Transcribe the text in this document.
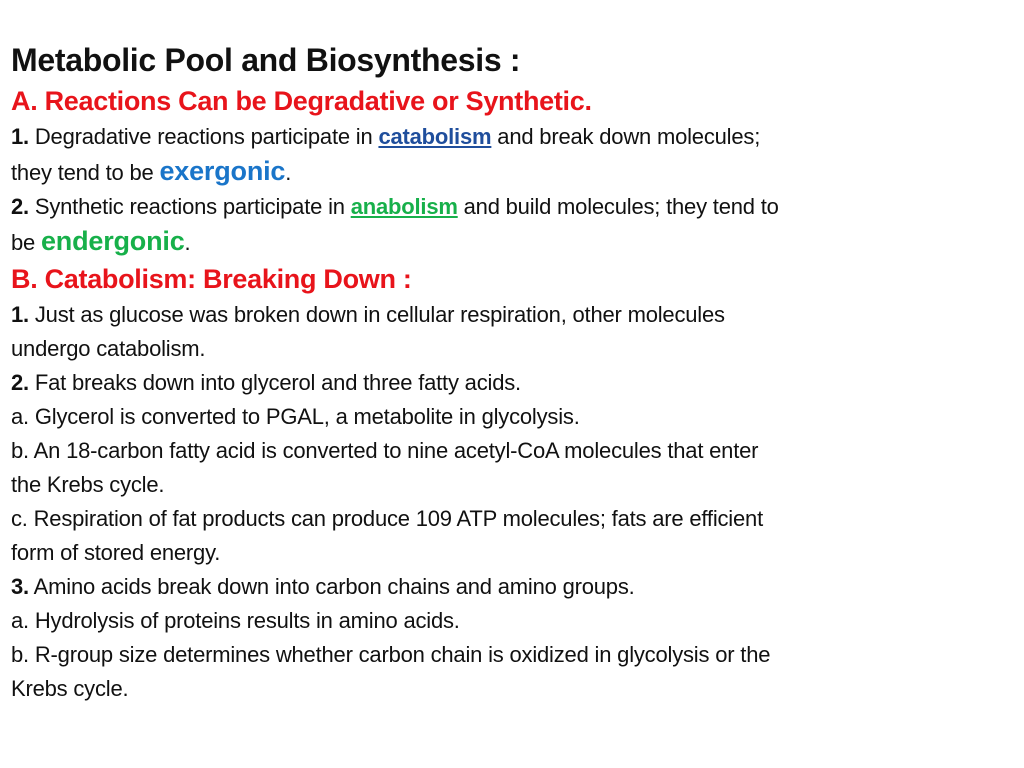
Metabolic Pool and Biosynthesis :

A. Reactions Can be Degradative or Synthetic.

1. Degradative reactions participate in catabolism and break down molecules;

they tend to be exergonic.

2. Synthetic reactions participate in anabolism and build molecules; they tend to

be endergonic.

B. Catabolism: Breaking Down :

1. Just as glucose was broken down in cellular respiration, other molecules

undergo catabolism.

2. Fat breaks down into glycerol and three fatty acids.

a. Glycerol is converted to PGAL, a metabolite in glycolysis.

b. An 18-carbon fatty acid is converted to nine acetyl-CoA molecules that enter

the Krebs cycle.

c. Respiration of fat products can produce 109 ATP molecules; fats are efficient

form of stored energy.

3. Amino acids break down into carbon chains and amino groups.

a. Hydrolysis of proteins results in amino acids.

b. R-group size determines whether carbon chain is oxidized in glycolysis or the

Krebs cycle.
